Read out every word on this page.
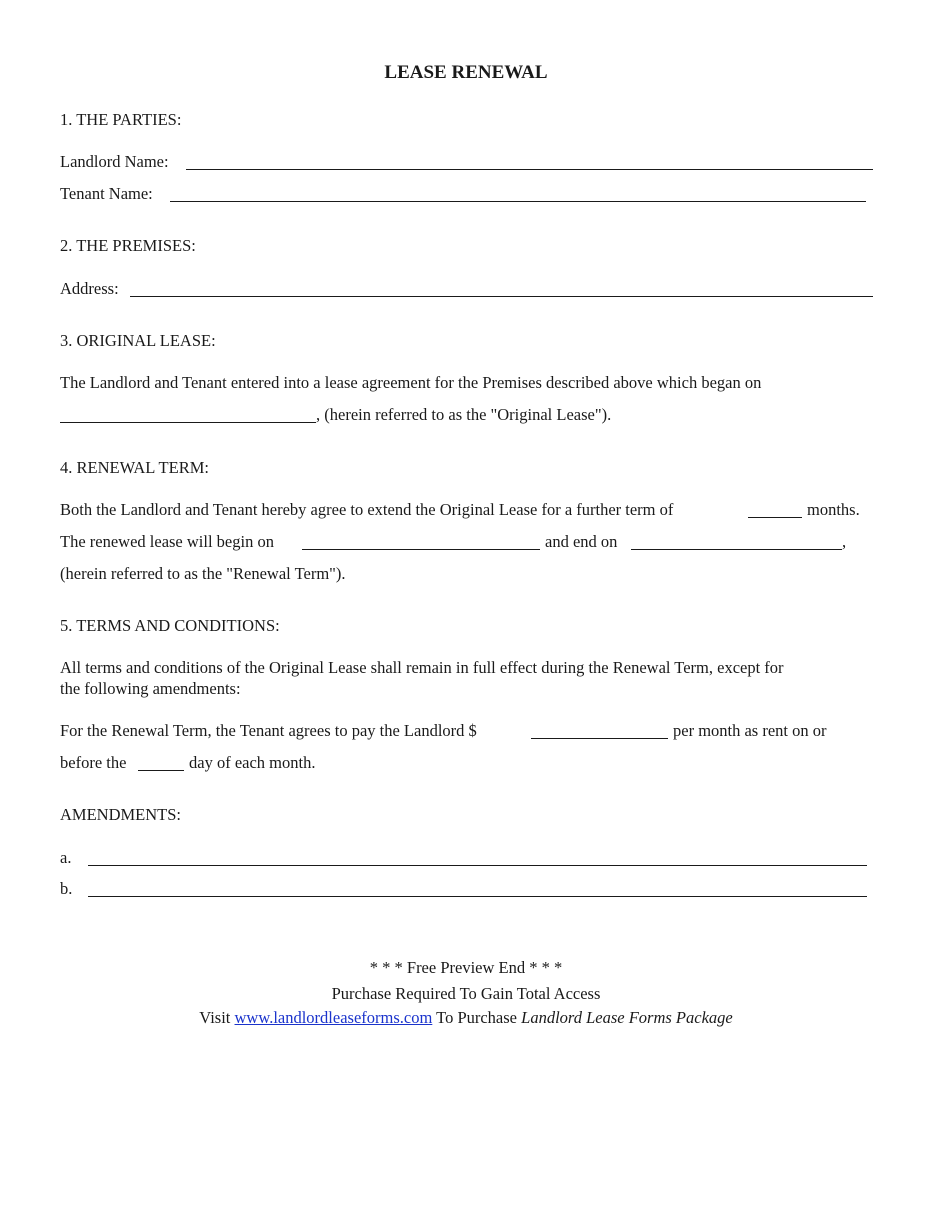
LEASE RENEWAL
1. THE PARTIES:
Landlord Name:
Tenant Name:
2. THE PREMISES:
Address:
3. ORIGINAL LEASE:
The Landlord and Tenant entered into a lease agreement for the Premises described above which began on
, (herein referred to as the "Original Lease").
4. RENEWAL TERM:
Both the Landlord and Tenant hereby agree to extend the Original Lease for a further term of	months.
The renewed lease will begin on	and end on	,
(herein referred to as the "Renewal Term").
5. TERMS AND CONDITIONS:
All terms and conditions of the Original Lease shall remain in full effect during the Renewal Term, except for
the following amendments:
For the Renewal Term, the Tenant agrees to pay the Landlord $	per month as rent on or
before the	day of each month.
AMENDMENTS:
a.
b.
* * * Free Preview End * * *
Purchase Required To Gain Total Access
Visit www.landlordleaseforms.com To Purchase Landlord Lease Forms Package
